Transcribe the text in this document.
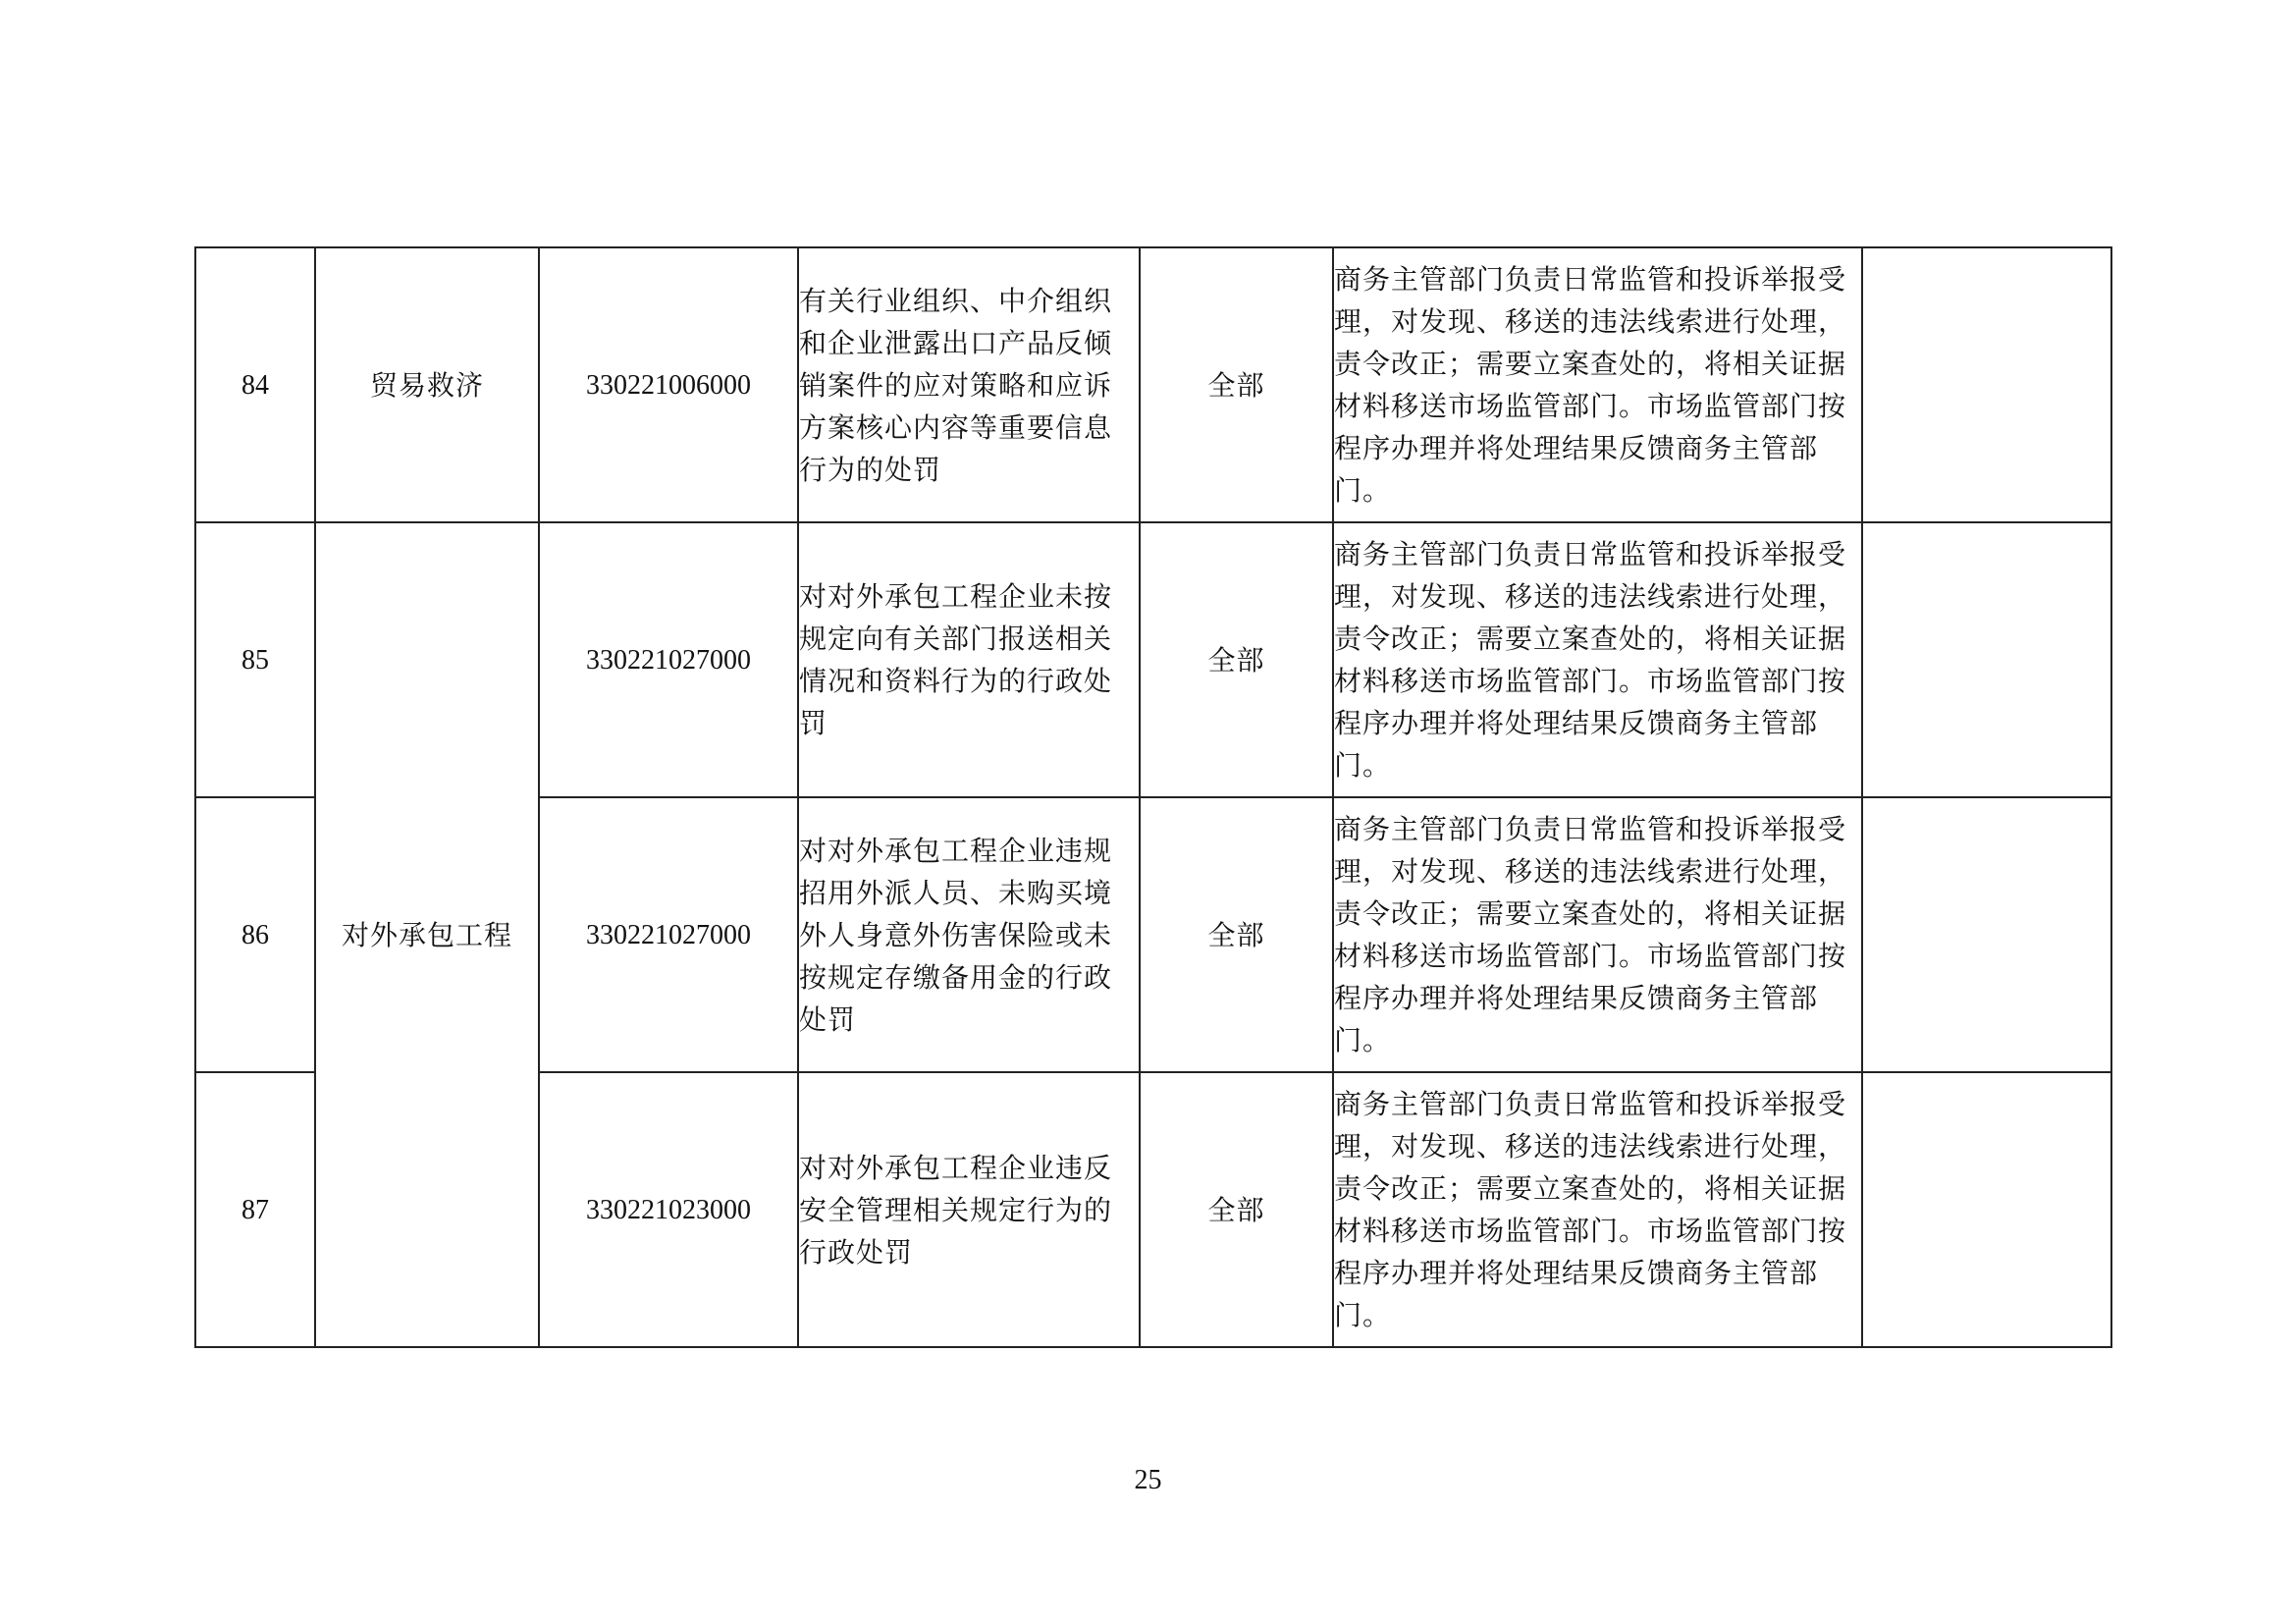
84	贸易救济	330221006000	有关行业组织、中介组织和企业泄露出口产品反倾销案件的应对策略和应诉方案核心内容等重要信息行为的处罚	全部	商务主管部门负责日常监管和投诉举报受理，对发现、移送的违法线索进行处理，责令改正；需要立案查处的，将相关证据材料移送市场监管部门。市场监管部门按程序办理并将处理结果反馈商务主管部门。	
85	对外承包工程	330221027000	对对外承包工程企业未按规定向有关部门报送相关情况和资料行为的行政处罚	全部	商务主管部门负责日常监管和投诉举报受理，对发现、移送的违法线索进行处理，责令改正；需要立案查处的，将相关证据材料移送市场监管部门。市场监管部门按程序办理并将处理结果反馈商务主管部门。	
86		330221027000	对对外承包工程企业违规招用外派人员、未购买境外人身意外伤害保险或未按规定存缴备用金的行政处罚	全部	商务主管部门负责日常监管和投诉举报受理，对发现、移送的违法线索进行处理，责令改正；需要立案查处的，将相关证据材料移送市场监管部门。市场监管部门按程序办理并将处理结果反馈商务主管部门。	
87		330221023000	对对外承包工程企业违反安全管理相关规定行为的行政处罚	全部	商务主管部门负责日常监管和投诉举报受理，对发现、移送的违法线索进行处理，责令改正；需要立案查处的，将相关证据材料移送市场监管部门。市场监管部门按程序办理并将处理结果反馈商务主管部门。	
25
